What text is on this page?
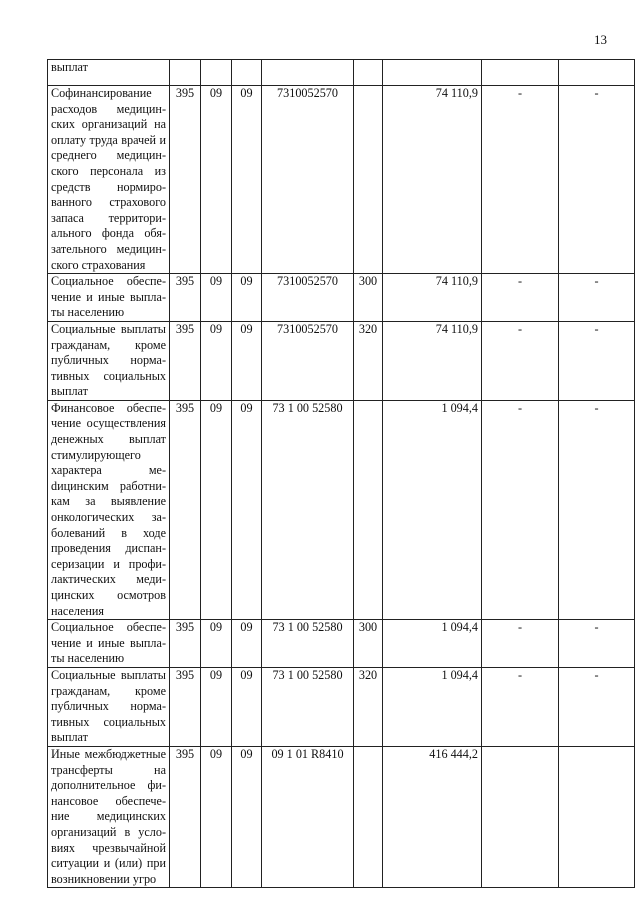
13
выплат								
Софинансирование расходов медицинских организаций на оплату труда врачей и среднего медицинского персонала из средств нормированного страхового запаса территориального фонда обязательного медицинского страхования	395	09	09	7310052570		74 110,9	-	-
Социальное обеспечение и иные выплаты населению	395	09	09	7310052570	300	74 110,9	-	-
Социальные выплаты гражданам, кроме публичных нормативных социальных выплат	395	09	09	7310052570	320	74 110,9	-	-
Финансовое обеспечение осуществления денежных выплат стимулирующего характера меdицинским работникам за выявление онкологических заболеваний в ходе проведения диспансеризации и профилактических медицинских осмотров населения	395	09	09	73 1 00 52580		1 094,4	-	-
Социальное обеспечение и иные выплаты населению	395	09	09	73 1 00 52580	300	1 094,4	-	-
Социальные выплаты гражданам, кроме публичных нормативных социальных выплат	395	09	09	73 1 00 52580	320	1 094,4	-	-
Иные межбюджетные трансферты на дополнительное финансовое обеспечение медицинских организаций в условиях чрезвычайной ситуации и (или) при возникновении угро	395	09	09	09 1 01 R8410		416 444,2		
